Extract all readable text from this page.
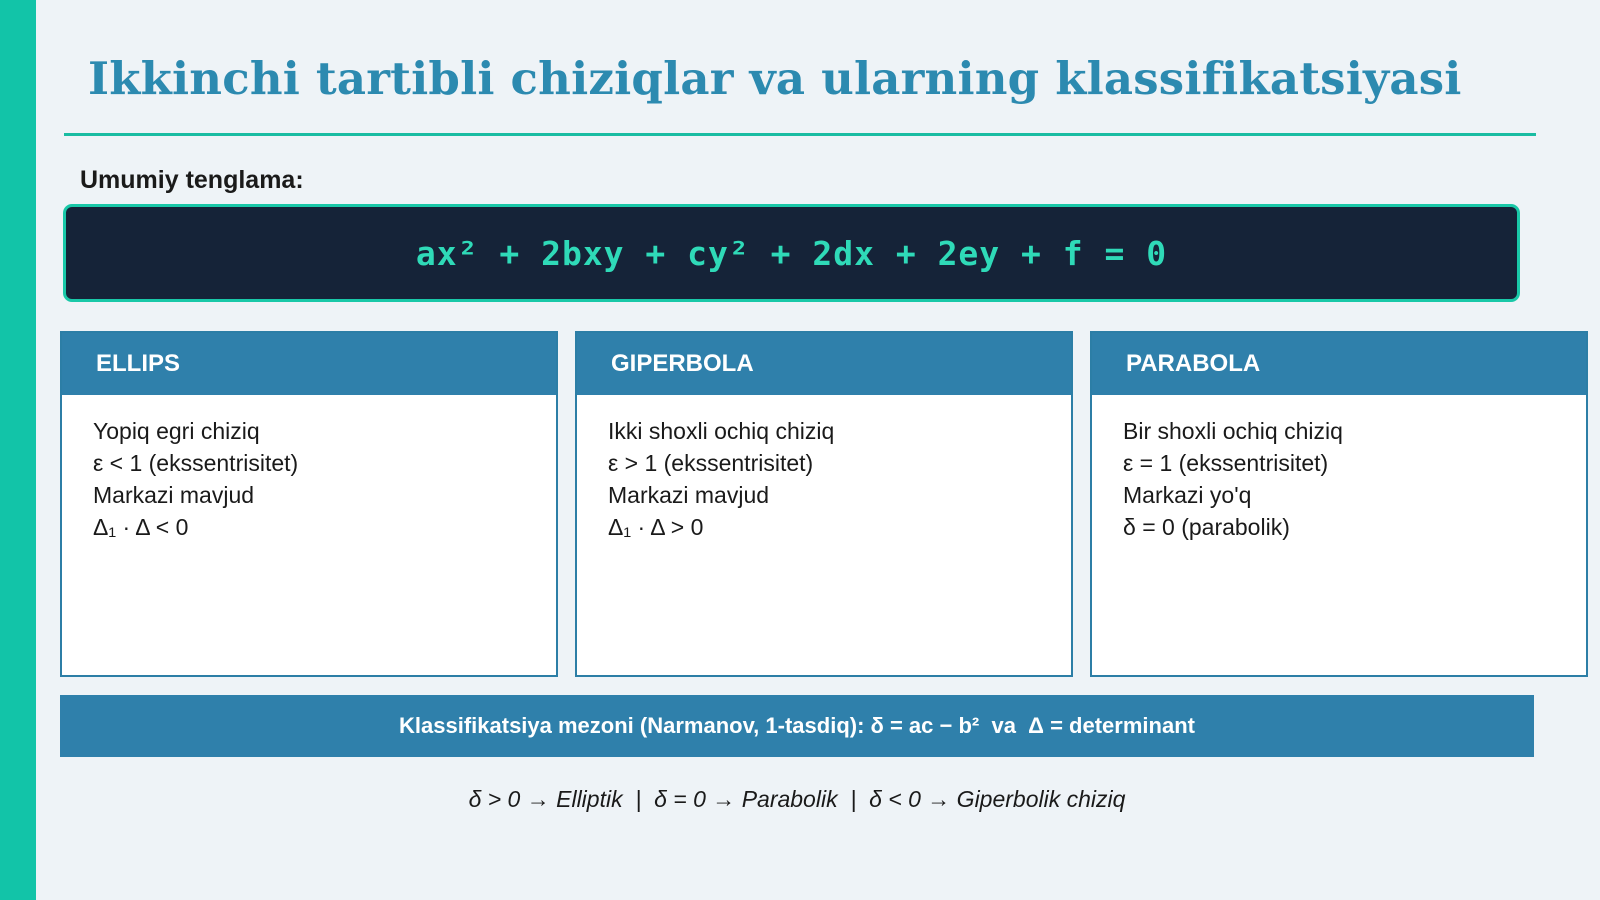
Ikkinchi tartibli chiziqlar va ularning klassifikatsiyasi
Umumiy tenglama:
ax² + 2bxy + cy² + 2dx + 2ey + f = 0
ELLIPS
Yopiq egri chiziq
ε < 1 (ekssentrisitet)
Markazi mavjud
Δ₁ · Δ < 0
GIPERBOLA
Ikki shoxli ochiq chiziq
ε > 1 (ekssentrisitet)
Markazi mavjud
Δ₁ · Δ > 0
PARABOLA
Bir shoxli ochiq chiziq
ε = 1 (ekssentrisitet)
Markazi yo'q
δ = 0 (parabolik)
Klassifikatsiya mezoni (Narmanov, 1-tasdiq): δ = ac − b²  va  Δ = determinant
δ > 0 → Elliptik  |  δ = 0 → Parabolik  |  δ < 0 → Giperbolik chiziq
